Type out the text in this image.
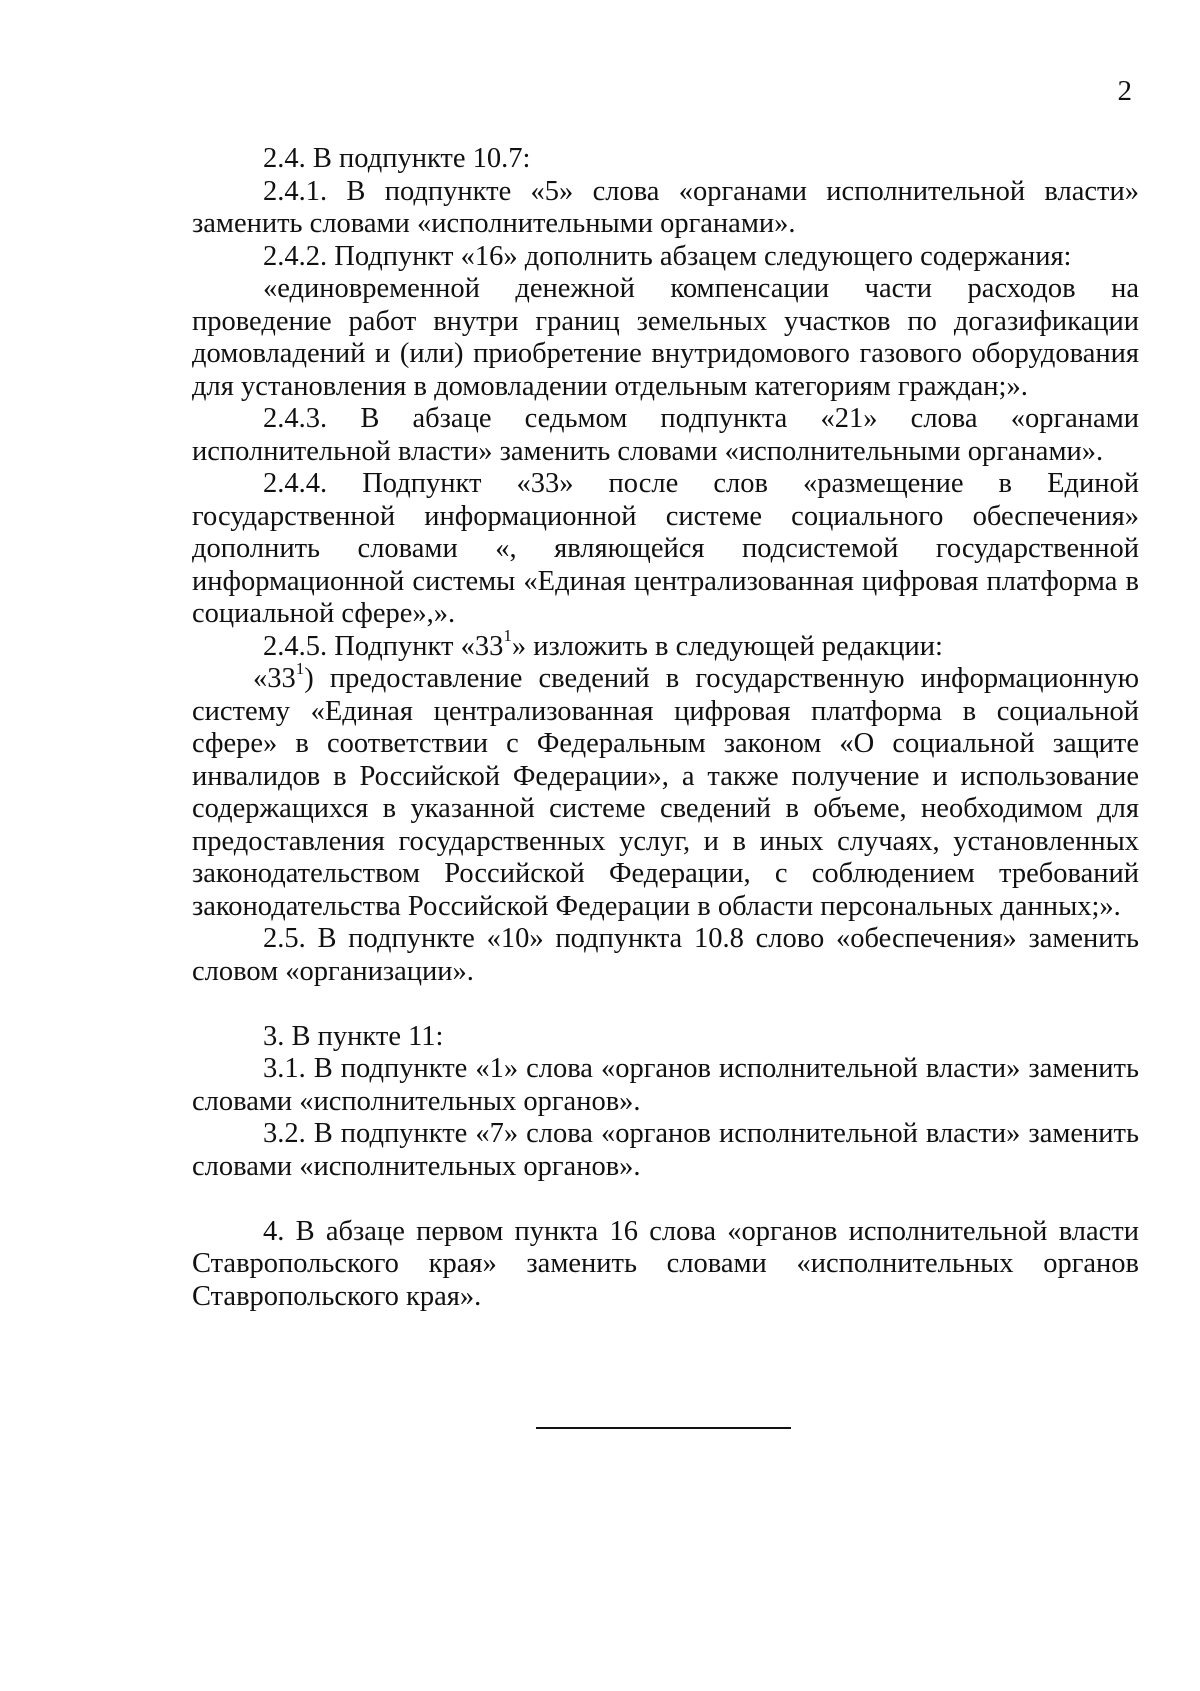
2

2.4. В подпункте 10.7:

2.4.1. В подпункте «5» слова «органами исполнительной власти» заменить словами «исполнительными органами».

2.4.2. Подпункт «16» дополнить абзацем следующего содержания:

«единовременной денежной компенсации части расходов на проведение работ внутри границ земельных участков по догазификации домовладений и (или) приобретение внутридомового газового оборудования для установления в домовладении отдельным категориям граждан;».

2.4.3. В абзаце седьмом подпункта «21» слова «органами исполнительной власти» заменить словами «исполнительными органами».

2.4.4. Подпункт «33» после слов «размещение в Единой государственной информационной системе социального обеспечения» дополнить словами «, являющейся подсистемой государственной информационной системы «Единая централизованная цифровая платформа в социальной сфере»,».

2.4.5. Подпункт «$33^1$» изложить в следующей редакции:

«$33^1$) предоставление сведений в государственную информационную систему «Единая централизованная цифровая платформа в социальной сфере» в соответствии с Федеральным законом «О социальной защите инвалидов в Российской Федерации», а также получение и использование содержащихся в указанной системе сведений в объеме, необходимом для предоставления государственных услуг, и в иных случаях, установленных законодательством Российской Федерации, с соблюдением требований законодательства Российской Федерации в области персональных данных;».

2.5. В подпункте «10» подпункта 10.8 слово «обеспечения» заменить словом «организации».

3. В пункте 11:

3.1. В подпункте «1» слова «органов исполнительной власти» заменить словами «исполнительных органов».

3.2. В подпункте «7» слова «органов исполнительной власти» заменить словами «исполнительных органов».

4. В абзаце первом пункта 16 слова «органов исполнительной власти Ставропольского края» заменить словами «исполнительных органов Ставропольского края».
